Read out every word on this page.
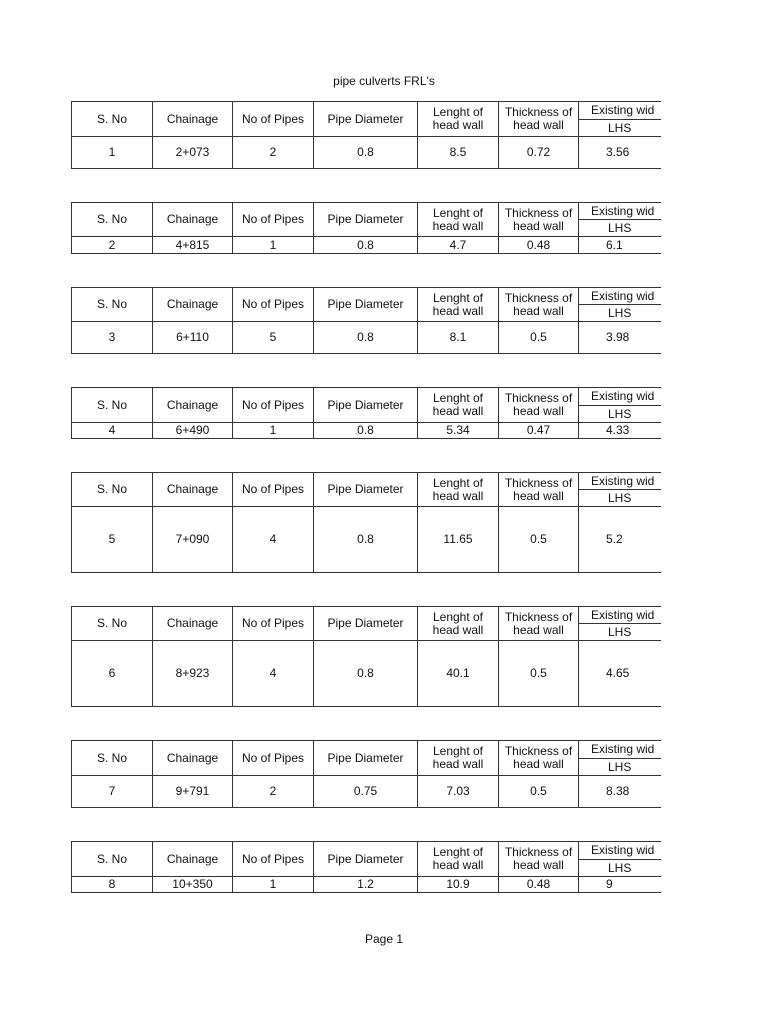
pipe culverts FRL's
S. No	Chainage	No of Pipes	Pipe Diameter	Lenght of head wall	Thickness of head wall	Existing wid
						LHS
1	2+073	2	0.8	8.5	0.72	3.56
S. No	Chainage	No of Pipes	Pipe Diameter	Lenght of head wall	Thickness of head wall	Existing wid
						LHS
2	4+815	1	0.8	4.7	0.48	6.1
S. No	Chainage	No of Pipes	Pipe Diameter	Lenght of head wall	Thickness of head wall	Existing wid
						LHS
3	6+110	5	0.8	8.1	0.5	3.98
S. No	Chainage	No of Pipes	Pipe Diameter	Lenght of head wall	Thickness of head wall	Existing wid
						LHS
4	6+490	1	0.8	5.34	0.47	4.33
S. No	Chainage	No of Pipes	Pipe Diameter	Lenght of head wall	Thickness of head wall	Existing wid
						LHS
5	7+090	4	0.8	11.65	0.5	5.2
S. No	Chainage	No of Pipes	Pipe Diameter	Lenght of head wall	Thickness of head wall	Existing wid
						LHS
6	8+923	4	0.8	40.1	0.5	4.65
S. No	Chainage	No of Pipes	Pipe Diameter	Lenght of head wall	Thickness of head wall	Existing wid
						LHS
7	9+791	2	0.75	7.03	0.5	8.38
S. No	Chainage	No of Pipes	Pipe Diameter	Lenght of head wall	Thickness of head wall	Existing wid
						LHS
8	10+350	1	1.2	10.9	0.48	9
Page 1
